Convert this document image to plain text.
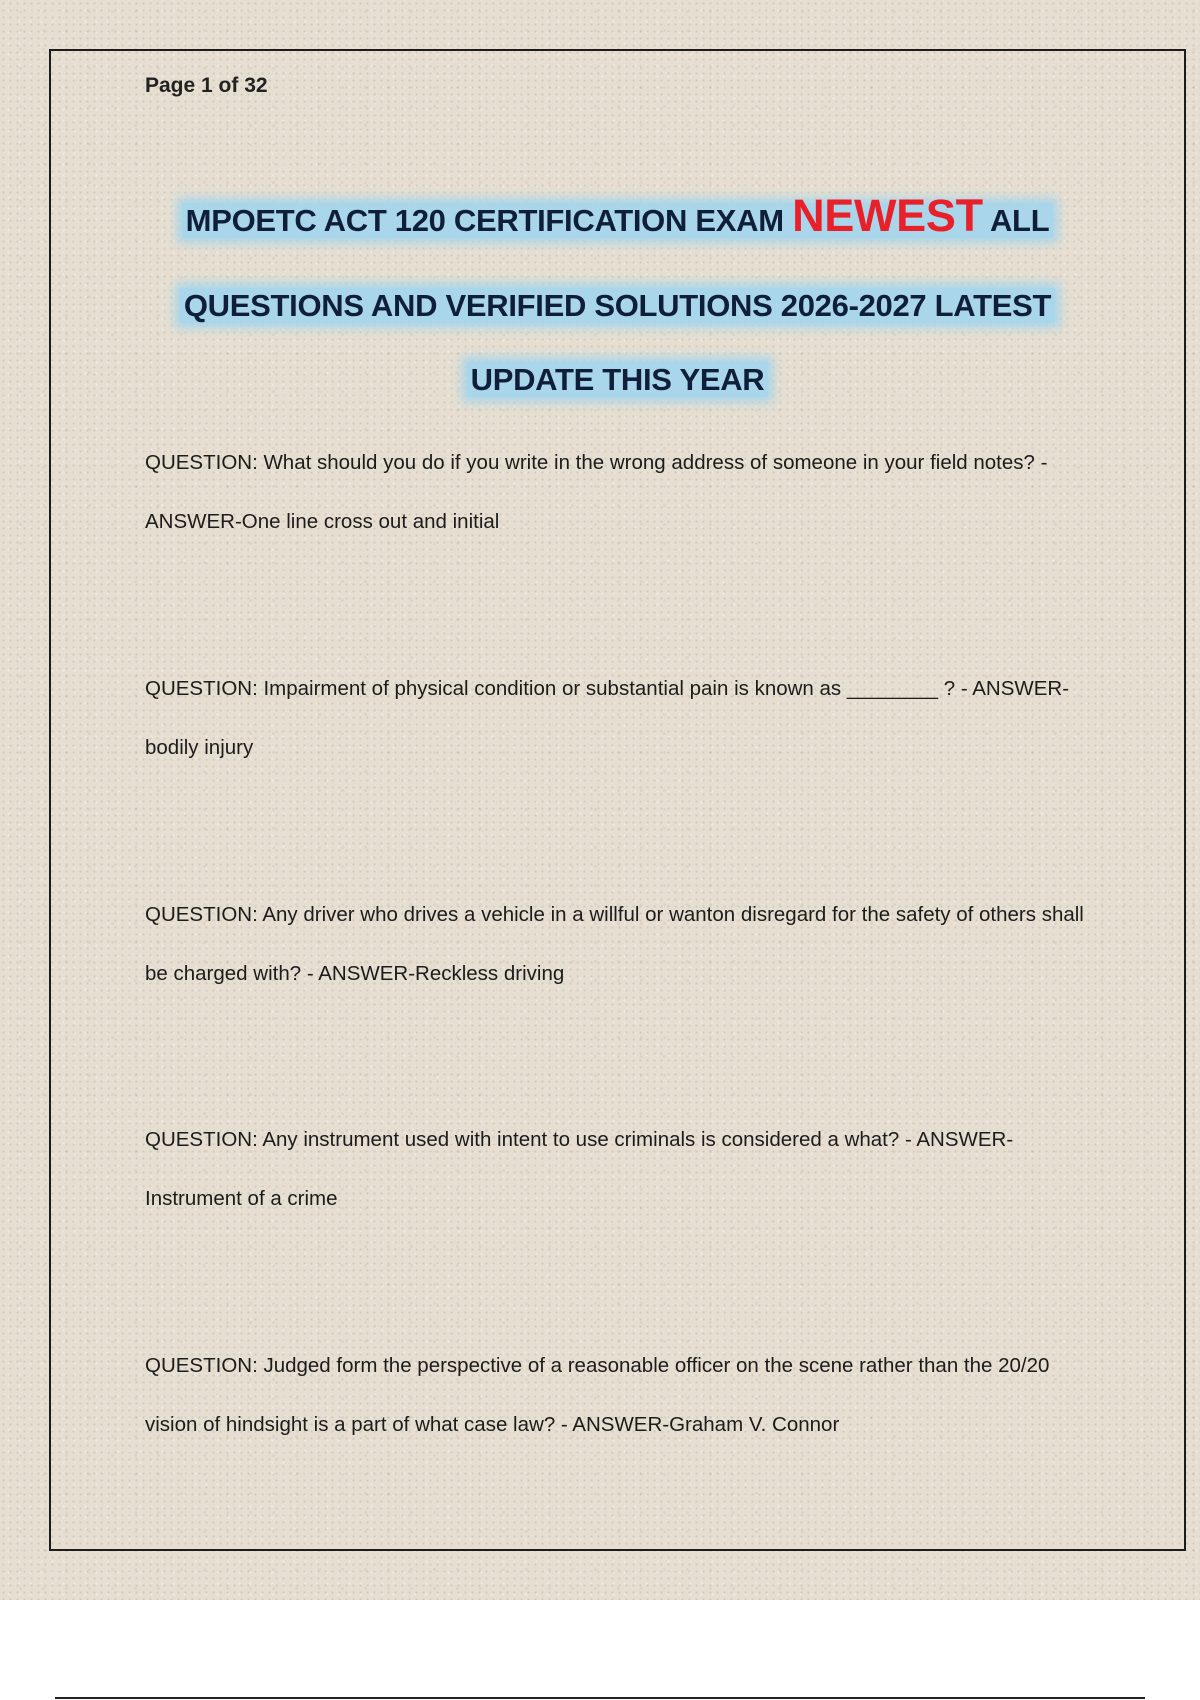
Page 1 of 32
MPOETC ACT 120 CERTIFICATION EXAM NEWEST ALL
QUESTIONS AND VERIFIED SOLUTIONS 2026-2027 LATEST
UPDATE THIS YEAR
QUESTION: What should you do if you write in the wrong address of someone in your field notes? - ANSWER-One line cross out and initial
QUESTION: Impairment of physical condition or substantial pain is known as ________ ? - ANSWER-bodily injury
QUESTION: Any driver who drives a vehicle in a willful or wanton disregard for the safety of others shall be charged with? - ANSWER-Reckless driving
QUESTION: Any instrument used with intent to use criminals is considered a what? - ANSWER-Instrument of a crime
QUESTION: Judged form the perspective of a reasonable officer on the scene rather than the 20/20 vision of hindsight is a part of what case law? - ANSWER-Graham V. Connor
